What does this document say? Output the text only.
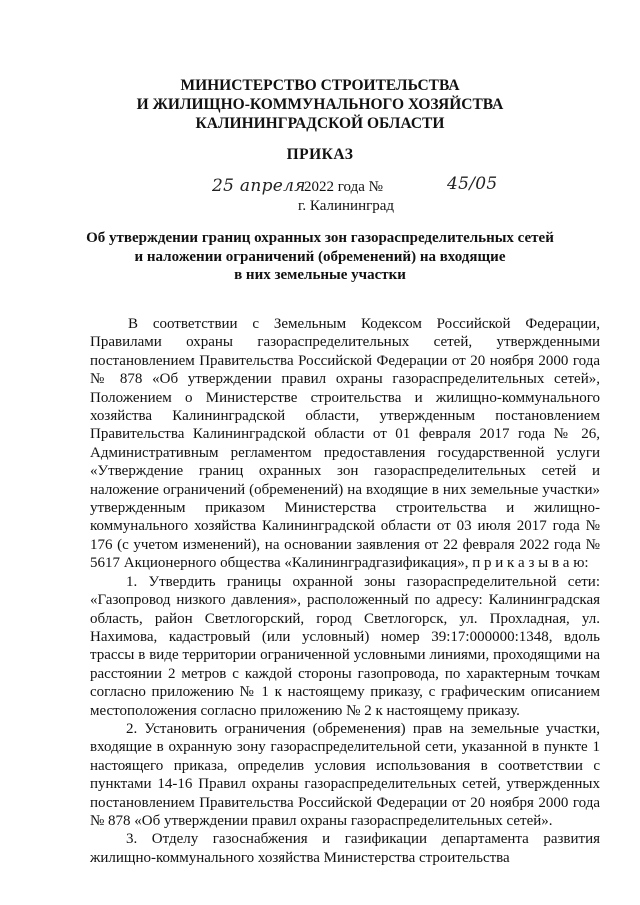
МИНИСТЕРСТВО СТРОИТЕЛЬСТВА
И ЖИЛИЩНО-КОММУНАЛЬНОГО ХОЗЯЙСТВА
КАЛИНИНГРАДСКОЙ ОБЛАСТИ
ПРИКАЗ
25 апреля
2022 года №	45/05
г. Калининград
Об утверждении границ охранных зон газораспределительных сетей
и наложении ограничений (обременений) на входящие
в них земельные участки

В соответствии с Земельным Кодексом Российской Федерации, Правилами охраны газораспределительных сетей, утвержденными постановлением Правительства Российской Федерации от 20 ноября 2000 года № 878 «Об утверждении правил охраны газораспределительных сетей», Положением о Министерстве строительства и жилищно-коммунального хозяйства Калининградской области, утвержденным постановлением Правительства Калининградской области от 01 февраля 2017 года № 26, Административным регламентом предоставления государственной услуги «Утверждение границ охранных зон газораспределительных сетей и наложение ограничений (обременений) на входящие в них земельные участки» утвержденным приказом Министерства строительства и жилищно-коммунального хозяйства Калининградской области от 03 июля 2017 года № 176 (с учетом изменений), на основании заявления от 22 февраля 2022 года № 5617 Акционерного общества «Калининградгазификация», п р и к а з ы в а ю:

1. Утвердить границы охранной зоны газораспределительной сети: «Газопровод низкого давления», расположенный по адресу: Калининградская область, район Светлогорский, город Светлогорск, ул. Прохладная, ул. Нахимова, кадастровый (или условный) номер 39:17:000000:1348, вдоль трассы в виде территории ограниченной условными линиями, проходящими на расстоянии 2 метров с каждой стороны газопровода, по характерным точкам согласно приложению № 1 к настоящему приказу, с графическим описанием местоположения согласно приложению № 2 к настоящему приказу.

2. Установить ограничения (обременения) прав на земельные участки, входящие в охранную зону газораспределительной сети, указанной в пункте 1 настоящего приказа, определив условия использования в соответствии с пунктами 14-16 Правил охраны газораспределительных сетей, утвержденных постановлением Правительства Российской Федерации от 20 ноября 2000 года № 878 «Об утверждении правил охраны газораспределительных сетей».

3. Отделу газоснабжения и газификации департамента развития жилищно-коммунального хозяйства Министерства строительства
